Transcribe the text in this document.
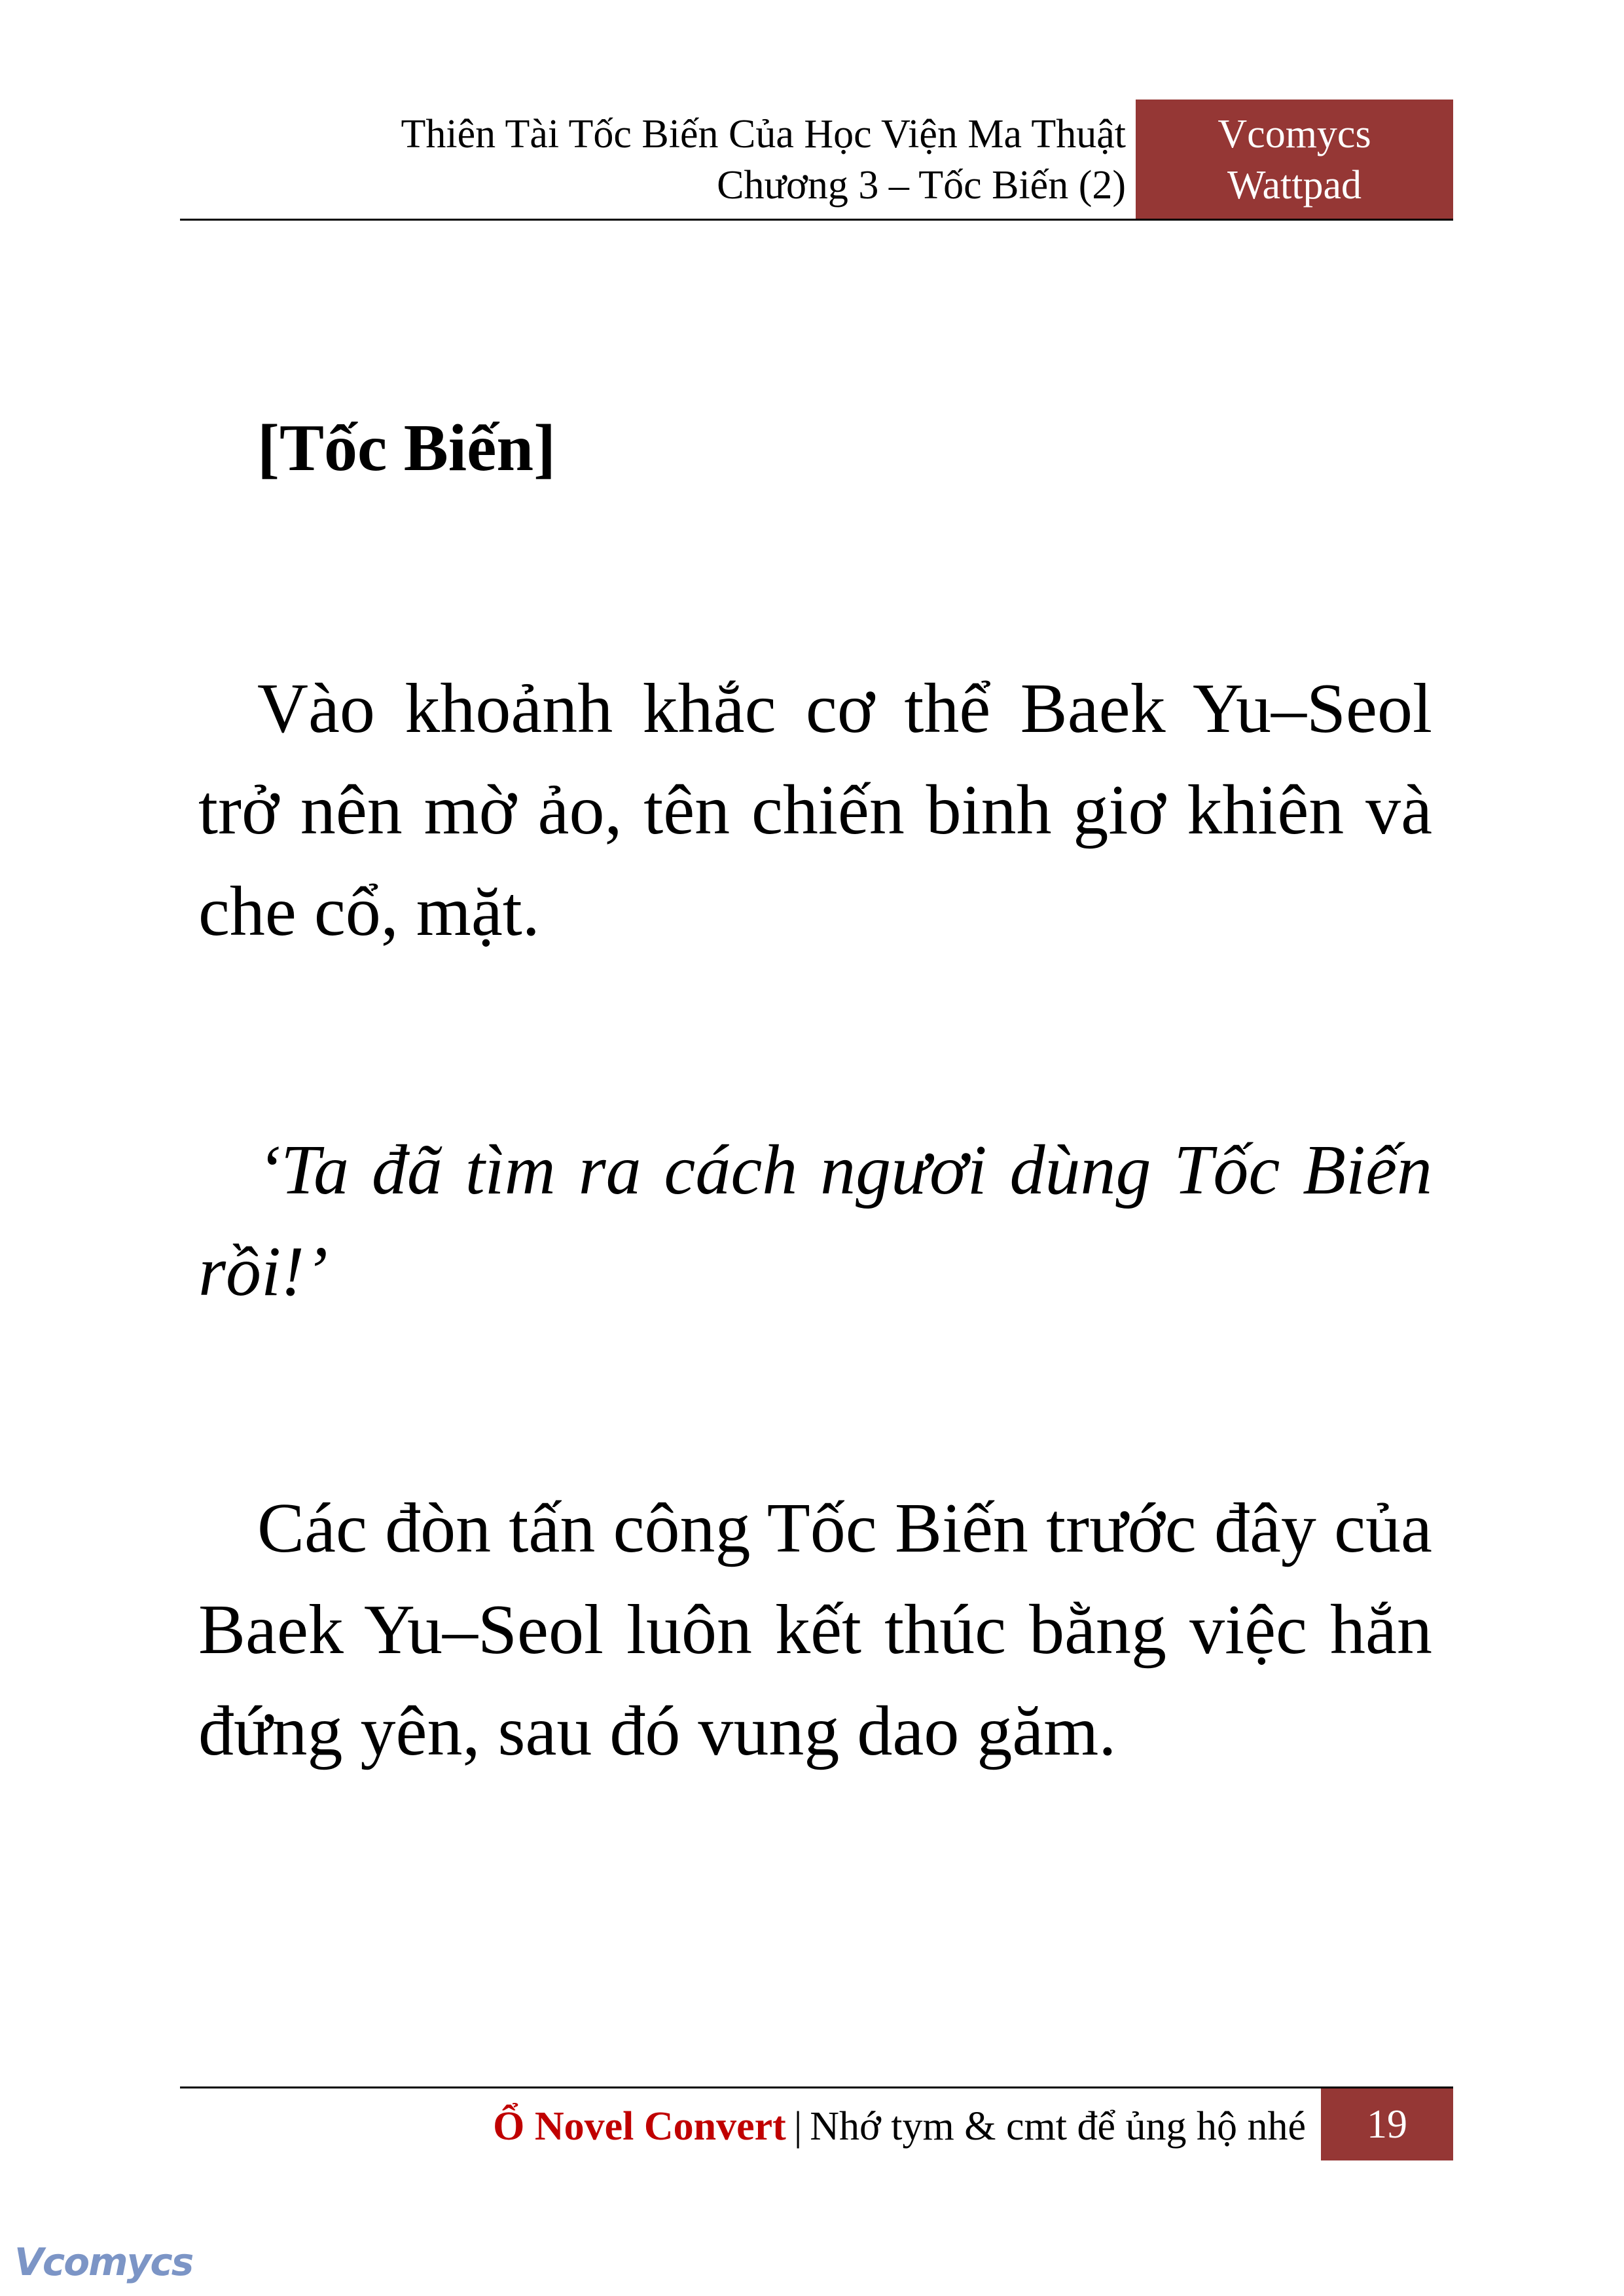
Thiên Tài Tốc Biến Của Học Viện Ma Thuật
Chương 3 – Tốc Biến (2)
Vcomycs
Wattpad
[Tốc Biến]

Vào khoảnh khắc cơ thể Baek Yu–Seol trở nên mờ ảo, tên chiến binh giơ khiên và che cổ, mặt.

‘Ta đã tìm ra cách ngươi dùng Tốc Biến rồi!’

Các đòn tấn công Tốc Biến trước đây của Baek Yu–Seol luôn kết thúc bằng việc hắn đứng yên, sau đó vung dao găm.

Ổ Novel Convert | Nhớ tym & cmt để ủng hộ nhé	19
Vcomycs
